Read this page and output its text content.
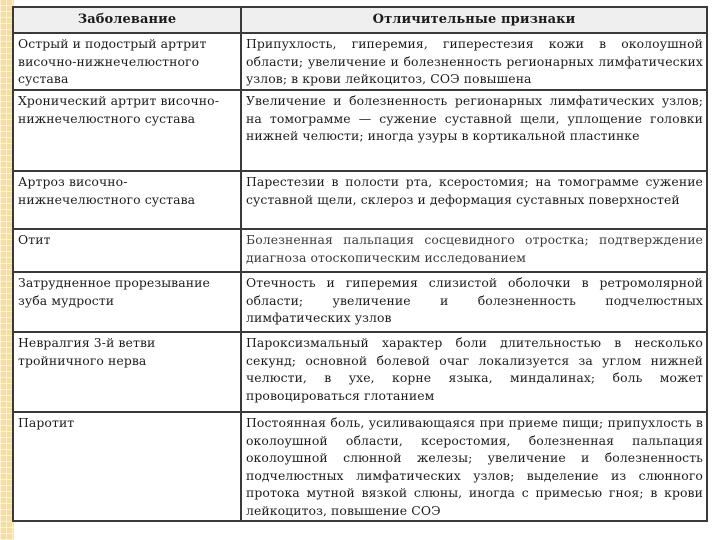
Заболевание	Отличительные признаки
Острый и подострый артрит височно-нижнечелюстного сустава	Припухлость, гиперемия, гиперестезия кожи в околоушной области; увеличение и болезненность регионарных лимфатических узлов; в крови лейкоцитоз, СОЭ повышена
Хронический артрит височно-нижнечелюстного сустава	Увеличение и болезненность регионарных лимфатических узлов; на томограмме — сужение суставной щели, уплощение головки нижней челюсти; иногда узуры в кортикальной пластинке
Артроз височно-нижнечелюстного сустава	Парестезии в полости рта, ксеростомия; на томограмме сужение суставной щели, склероз и деформация суставных поверхностей
Отит	Болезненная пальпация сосцевидного отростка; подтверждение диагноза отоскопическим исследованием
Затрудненное прорезывание зуба мудрости	Отечность и гиперемия слизистой оболочки в ретромолярной области; увеличение и болезненность подчелюстных лимфатических узлов
Невралгия 3-й ветви тройничного нерва	Пароксизмальный характер боли длительностью в несколько секунд; основной болевой очаг локализуется за углом нижней челюсти, в ухе, корне языка, миндалинах; боль может провоцироваться глотанием
Паротит	Постоянная боль, усиливающаяся при приеме пищи; припухлость в околоушной области, ксеростомия, болезненная пальпация околоушной слюнной железы; увеличение и болезненность подчелюстных лимфатических узлов; выделение из слюнного протока мутной вязкой слюны, иногда с примесью гноя; в крови лейкоцитоз, повышение СОЭ
